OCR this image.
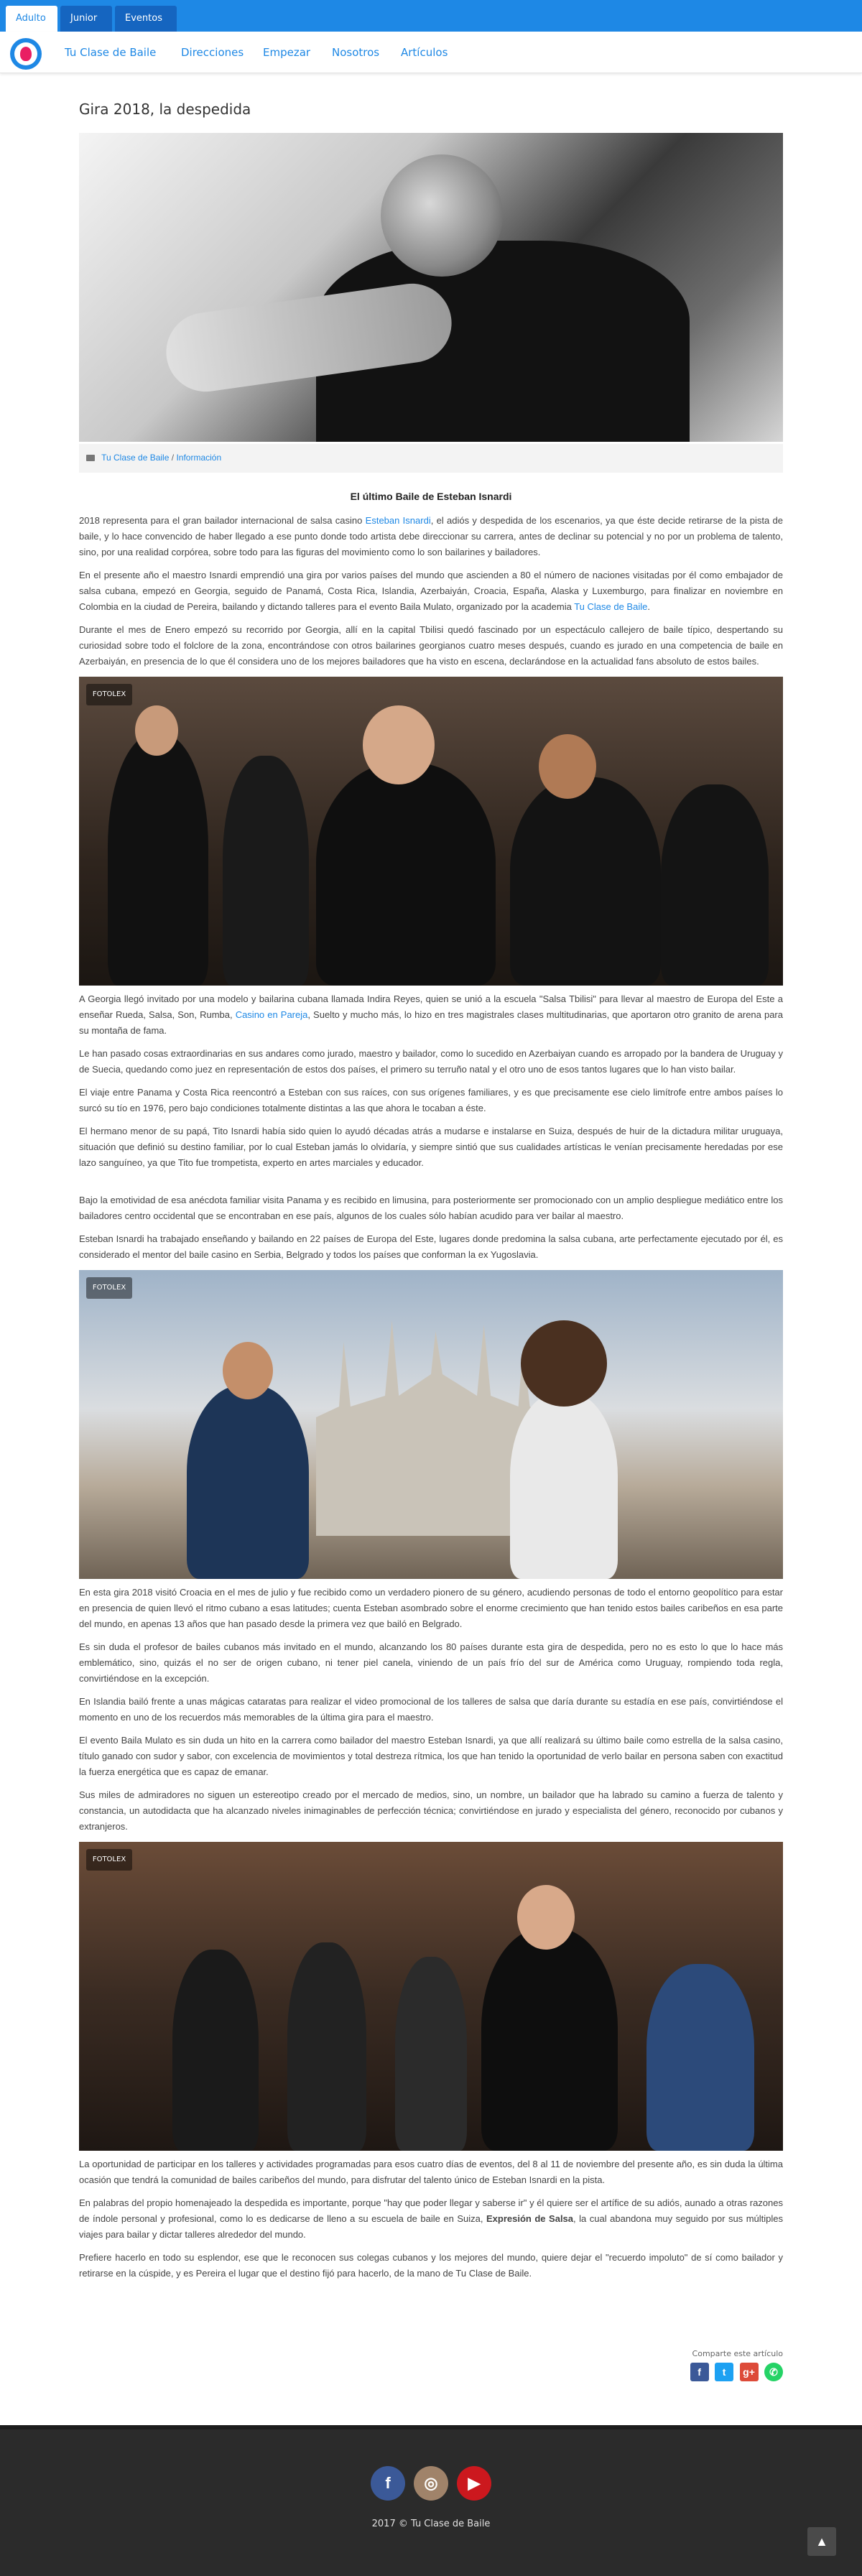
Adulto	Junior	Eventos
Tu Clase de Baile Direcciones Empezar Nosotros Artículos
Gira 2018, la despedida
Tu Clase de Baile / Información
El último Baile de Esteban Isnardi

2018 representa para el gran bailador internacional de salsa casino Esteban Isnardi, el adiós y despedida de los escenarios, ya que éste decide retirarse de la pista de baile, y lo hace convencido de haber llegado a ese punto donde todo artista debe direccionar su carrera, antes de declinar su potencial y no por un problema de talento, sino, por una realidad corpórea, sobre todo para las figuras del movimiento como lo son bailarines y bailadores.

En el presente año el maestro Isnardi emprendió una gira por varios países del mundo que ascienden a 80 el número de naciones visitadas por él como embajador de salsa cubana, empezó en Georgia, seguido de Panamá, Costa Rica, Islandia, Azerbaiyán, Croacia, España, Alaska y Luxemburgo, para finalizar en noviembre en Colombia en la ciudad de Pereira, bailando y dictando talleres para el evento Baila Mulato, organizado por la academia Tu Clase de Baile.

Durante el mes de Enero empezó su recorrido por Georgia, allí en la capital Tbilisi quedó fascinado por un espectáculo callejero de baile típico, despertando su curiosidad sobre todo el folclore de la zona, encontrándose con otros bailarines georgianos cuatro meses después, cuando es jurado en una competencia de baile en Azerbaiyán, en presencia de lo que él considera uno de los mejores bailadores que ha visto en escena, declarándose en la actualidad fans absoluto de estos bailes.

FOTOLEX

A Georgia llegó invitado por una modelo y bailarina cubana llamada Indira Reyes, quien se unió a la escuela "Salsa Tbilisi" para llevar al maestro de Europa del Este a enseñar Rueda, Salsa, Son, Rumba, Casino en Pareja, Suelto y mucho más, lo hizo en tres magistrales clases multitudinarias, que aportaron otro granito de arena para su montaña de fama.

Le han pasado cosas extraordinarias en sus andares como jurado, maestro y bailador, como lo sucedido en Azerbaiyan cuando es arropado por la bandera de Uruguay y de Suecia, quedando como juez en representación de estos dos países, el primero su terruño natal y el otro uno de esos tantos lugares que lo han visto bailar.

El viaje entre Panama y Costa Rica reencontró a Esteban con sus raíces, con sus orígenes familiares, y es que precisamente ese cielo limítrofe entre ambos países lo surcó su tío en 1976, pero bajo condiciones totalmente distintas a las que ahora le tocaban a éste.

El hermano menor de su papá, Tito Isnardi había sido quien lo ayudó décadas atrás a mudarse e instalarse en Suiza, después de huir de la dictadura militar uruguaya, situación que definió su destino familiar, por lo cual Esteban jamás lo olvidaría, y siempre sintió que sus cualidades artísticas le venían precisamente heredadas por ese lazo sanguíneo, ya que Tito fue trompetista, experto en artes marciales y educador.

Bajo la emotividad de esa anécdota familiar visita Panama y es recibido en limusina, para posteriormente ser promocionado con un amplio despliegue mediático entre los bailadores centro occidental que se encontraban en ese país, algunos de los cuales sólo habían acudido para ver bailar al maestro.

Esteban Isnardi ha trabajado enseñando y bailando en 22 países de Europa del Este, lugares donde predomina la salsa cubana, arte perfectamente ejecutado por él, es considerado el mentor del baile casino en Serbia, Belgrado y todos los países que conforman la ex Yugoslavia.

FOTOLEX

En esta gira 2018 visitó Croacia en el mes de julio y fue recibido como un verdadero pionero de su género, acudiendo personas de todo el entorno geopolítico para estar en presencia de quien llevó el ritmo cubano a esas latitudes; cuenta Esteban asombrado sobre el enorme crecimiento que han tenido estos bailes caribeños en esa parte del mundo, en apenas 13 años que han pasado desde la primera vez que bailó en Belgrado.

Es sin duda el profesor de bailes cubanos más invitado en el mundo, alcanzando los 80 países durante esta gira de despedida, pero no es esto lo que lo hace más emblemático, sino, quizás el no ser de origen cubano, ni tener piel canela, viniendo de un país frío del sur de América como Uruguay, rompiendo toda regla, convirtiéndose en la excepción.

En Islandia bailó frente a unas mágicas cataratas para realizar el video promocional de los talleres de salsa que daría durante su estadía en ese país, convirtiéndose el momento en uno de los recuerdos más memorables de la última gira para el maestro.

El evento Baila Mulato es sin duda un hito en la carrera como bailador del maestro Esteban Isnardi, ya que allí realizará su último baile como estrella de la salsa casino, título ganado con sudor y sabor, con excelencia de movimientos y total destreza rítmica, los que han tenido la oportunidad de verlo bailar en persona saben con exactitud la fuerza energética que es capaz de emanar.

Sus miles de admiradores no siguen un estereotipo creado por el mercado de medios, sino, un nombre, un bailador que ha labrado su camino a fuerza de talento y constancia, un autodidacta que ha alcanzado niveles inimaginables de perfección técnica; convirtiéndose en jurado y especialista del género, reconocido por cubanos y extranjeros.

FOTOLEX

La oportunidad de participar en los talleres y actividades programadas para esos cuatro días de eventos, del 8 al 11 de noviembre del presente año, es sin duda la última ocasión que tendrá la comunidad de bailes caribeños del mundo, para disfrutar del talento único de Esteban Isnardi en la pista.

En palabras del propio homenajeado la despedida es importante, porque "hay que poder llegar y saberse ir" y él quiere ser el artífice de su adiós, aunado a otras razones de índole personal y profesional, como lo es dedicarse de lleno a su escuela de baile en Suiza, Expresión de Salsa, la cual abandona muy seguido por sus múltiples viajes para bailar y dictar talleres alrededor del mundo.

Prefiere hacerlo en todo su esplendor, ese que le reconocen sus colegas cubanos y los mejores del mundo, quiere dejar el "recuerdo impoluto" de sí como bailador y retirarse en la cúspide, y es Pereira el lugar que el destino fijó para hacerlo, de la mano de Tu Clase de Baile.

Comparte este artículo
f t g+ ✆
f	◎	▶
2017 © Tu Clase de Baile
▲
